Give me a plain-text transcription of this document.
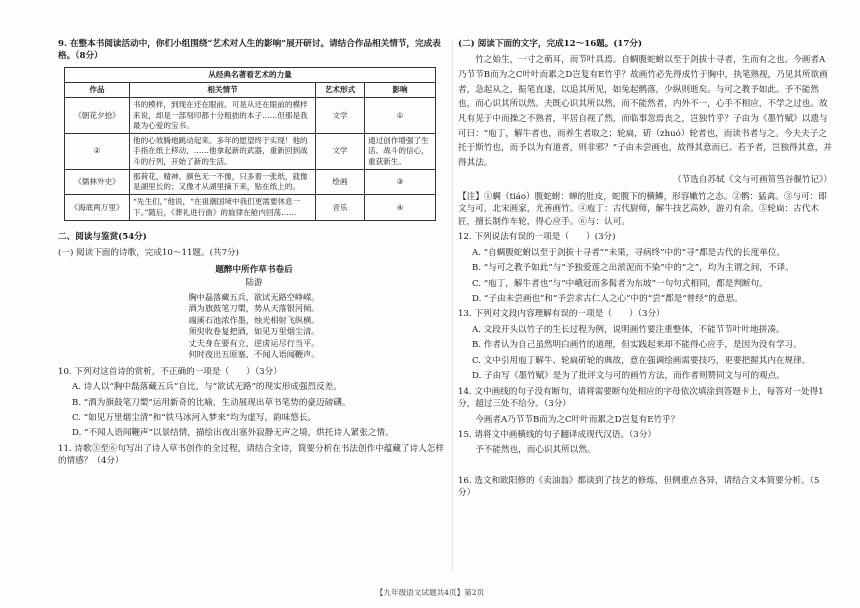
9. 在整本书阅读活动中，你们小组围绕“艺术对人生的影响”展开研讨。请结合作品相关情节，完成表格。（8分）

从经典名著看艺术的力量			
作品	相关情节	艺术形式	影响
《朝花夕拾》	书的模样，到现在还在眼前。可是从还在眼前的模样来说，却是一部刻印都十分粗拙的本子……但那是我最为心爱的宝书。	文学	①
②	他的心效腾地跳动起来。多年的愿望终于实现！他的手指在纸上移动，……他拿起新的武器，重新回到战斗的行列，开始了新的生活。	文学	通过创作增强了生活、战斗的信心，重获新生。
《儒林外史》	那荷花，精神、颜色无一不像，只多着一张纸，就像是湖里长的；又像才从湖里摘下来，贴在纸上的。	绘画	③
《海底两万里》	“先生们，”他说，“在祖潮国境中我们更需要休息一下。”随后，《葬礼进行曲》的旋律在舱内回荡……	音乐	④

二、阅读与鉴赏(54分)

(一) 阅读下面的诗歌，完成10～11题。(共7分)

题醉中所作草书卷后

陆游

胸中磊落藏五兵，欲试无路空峥嵘。

酒为旗鼓笔刀槊，势从天落银河倾。

端溪石池浓作墨，烛光相射飞纵横。

须臾收卷复把酒，如见万里烟尘清。

丈夫身在要有立，逆虏运尽行当平。

何时夜出五原塞，不闻人语闻鞭声。

10. 下列对这首诗的赏析，不正确的一项是（　　）（3分）

A. 诗人以“胸中磊落藏五兵”自比，与“欲试无路”的现实形成强烈反差。

B. “酒为旗鼓笔刀槊”运用新奇的比喻，生动展现出草书笔势的豪迈磅礴。

C. “如见万里烟尘清”和“铁马冰河入梦来”均为虚写，韵味悠长。

D. “不闻人语闻鞭声”以景结情，描绘出夜出塞外寂静无声之境，烘托诗人紧张之情。

11. 诗歌③至⑥句写出了诗人草书创作的全过程，请结合全诗，简要分析在书法创作中蕴藏了诗人怎样的情感？（4分）

(二) 阅读下面的文字，完成12～16题。(17分)

竹之始生，一寸之萌耳，而节叶具焉。自蜩腹蛇蚹以至于剑拔十寻者，生而有之也。今画者A乃节节B而为之C叶叶而累之D岂复有E竹乎？故画竹必先得成竹于胸中，执笔熟视，乃见其所欲画者，急起从之，振笔直遂，以追其所见，如兔起鹘落，少纵则逝矣。与可之教予如此。予不能然也，而心识其所以然。夫既心识其所以然，而不能然者，内外不一，心手不相应，不学之过也。故凡有见于中而操之不熟者，平居自视了然，而临事忽焉丧之，岂独竹乎？子由为《墨竹赋》以遗与可曰：“庖丁，解牛者也，而养生者取之；轮扁，斫（zhuó）轮者也，而读书者与之。今夫夫子之托于斯竹也，而予以为有道者，则非邪？”子由未尝画也，故得其意而已。若予者，岂独得其意，并得其法。

（节选自苏轼《文与可画筼筜谷偃竹记》）

【注】①蜩（tiáo）腹蛇蚹：蝉的肚皮，蛇腹下的横鳞，形容嫩竹之态。②鹘：猛禽。③与可：即文与可，北宋画家，尤善画竹。④庖丁：古代厨师，解牛技艺高妙，游刃有余。⑤轮扁：古代木匠，擅长制作车轮，得心应手。⑥与：认可。

12. 下列说法有误的一项是（　　）(3分)

A. “自蜩腹蛇蚹以至于剑拔十寻者”“未果，寻病终”中的“寻”都是古代的长度单位。

B. “与可之教予如此”与“予独爱莲之出淤泥而不染”中的“之”，均为主谓之间，不译。

C. “庖丁，解牛者也”与“中峨冠而多髯者为东坡”一句句式相同，都是判断句。

D. “子由未尝画也”和“予尝求古仁人之心”中的“尝”都是“曾经”的意思。

13. 下列对文段内容理解有误的一项是（　　）（3分）

A. 文段开头以竹子的生长过程为例，说明画竹要注重整体，不能节节叶叶地拼凑。

B. 作者认为自己虽然明白画竹的道理，但实践起来却不能得心应手，是因为没有学习。

C. 文中引用庖丁解牛、轮扁斫轮的典故，意在强调绘画需要技巧，更要把握其内在规律。

D. 子由写《墨竹赋》是为了批评文与可的画竹方法，而作者则赞同文与可的观点。

14. 文中画线的句子没有断句，请将需要断句处相应的字母依次填涂到答题卡上，每答对一处得1分，超过三处不给分。（3分）

今画者A乃节节B而为之C叶叶而累之D岂复有E竹乎？

15. 请将文中画横线的句子翻译成现代汉语。（3分）

予不能然也，而心识其所以然。

16. 选文和欧阳修的《卖油翁》都谈到了技艺的修炼，但侧重点各异，请结合文本简要分析。（5分）

【九年级语文试题共4页】第2页
